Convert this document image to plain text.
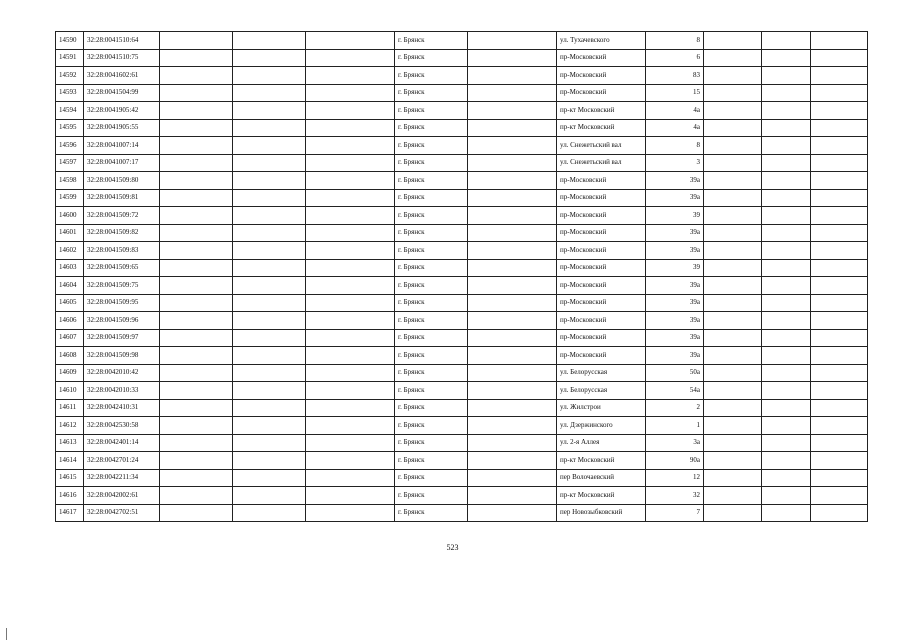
14590	32:28:0041510:64				г. Брянск		ул. Тухачевского	8			
14591	32:28:0041510:75				г. Брянск		пр-Московский	6			
14592	32:28:0041602:61				г. Брянск		пр-Московский	83			
14593	32:28:0041504:99				г. Брянск		пр-Московский	15			
14594	32:28:0041905:42				г. Брянск		пр-кт Московский	4а			
14595	32:28:0041905:55				г. Брянск		пр-кт Московский	4а			
14596	32:28:0041007:14				г. Брянск		ул. Снежетьский вал	8			
14597	32:28:0041007:17				г. Брянск		ул. Снежетьский вал	3			
14598	32:28:0041509:80				г. Брянск		пр-Московский	39а			
14599	32:28:0041509:81				г. Брянск		пр-Московский	39а			
14600	32:28:0041509:72				г. Брянск		пр-Московский	39			
14601	32:28:0041509:82				г. Брянск		пр-Московский	39а			
14602	32:28:0041509:83				г. Брянск		пр-Московский	39а			
14603	32:28:0041509:65				г. Брянск		пр-Московский	39			
14604	32:28:0041509:75				г. Брянск		пр-Московский	39а			
14605	32:28:0041509:95				г. Брянск		пр-Московский	39а			
14606	32:28:0041509:96				г. Брянск		пр-Московский	39а			
14607	32:28:0041509:97				г. Брянск		пр-Московский	39а			
14608	32:28:0041509:98				г. Брянск		пр-Московский	39а			
14609	32:28:0042010:42				г. Брянск		ул. Белорусская	50а			
14610	32:28:0042010:33				г. Брянск		ул. Белорусская	54а			
14611	32:28:0042410:31				г. Брянск		ул. Жилстрои	2			
14612	32:28:0042530:58				г. Брянск		ул. Дзержинского	1			
14613	32:28:0042401:14				г. Брянск		ул. 2-я Аллея	3а			
14614	32:28:0042701:24				г. Брянск		пр-кт Московский	90а			
14615	32:28:0042211:34				г. Брянск		пер Волочаевский	12			
14616	32:28:0042002:61				г. Брянск		пр-кт Московский	32			
14617	32:28:0042702:51				г. Брянск		пер Новозыбковский	7			
523
